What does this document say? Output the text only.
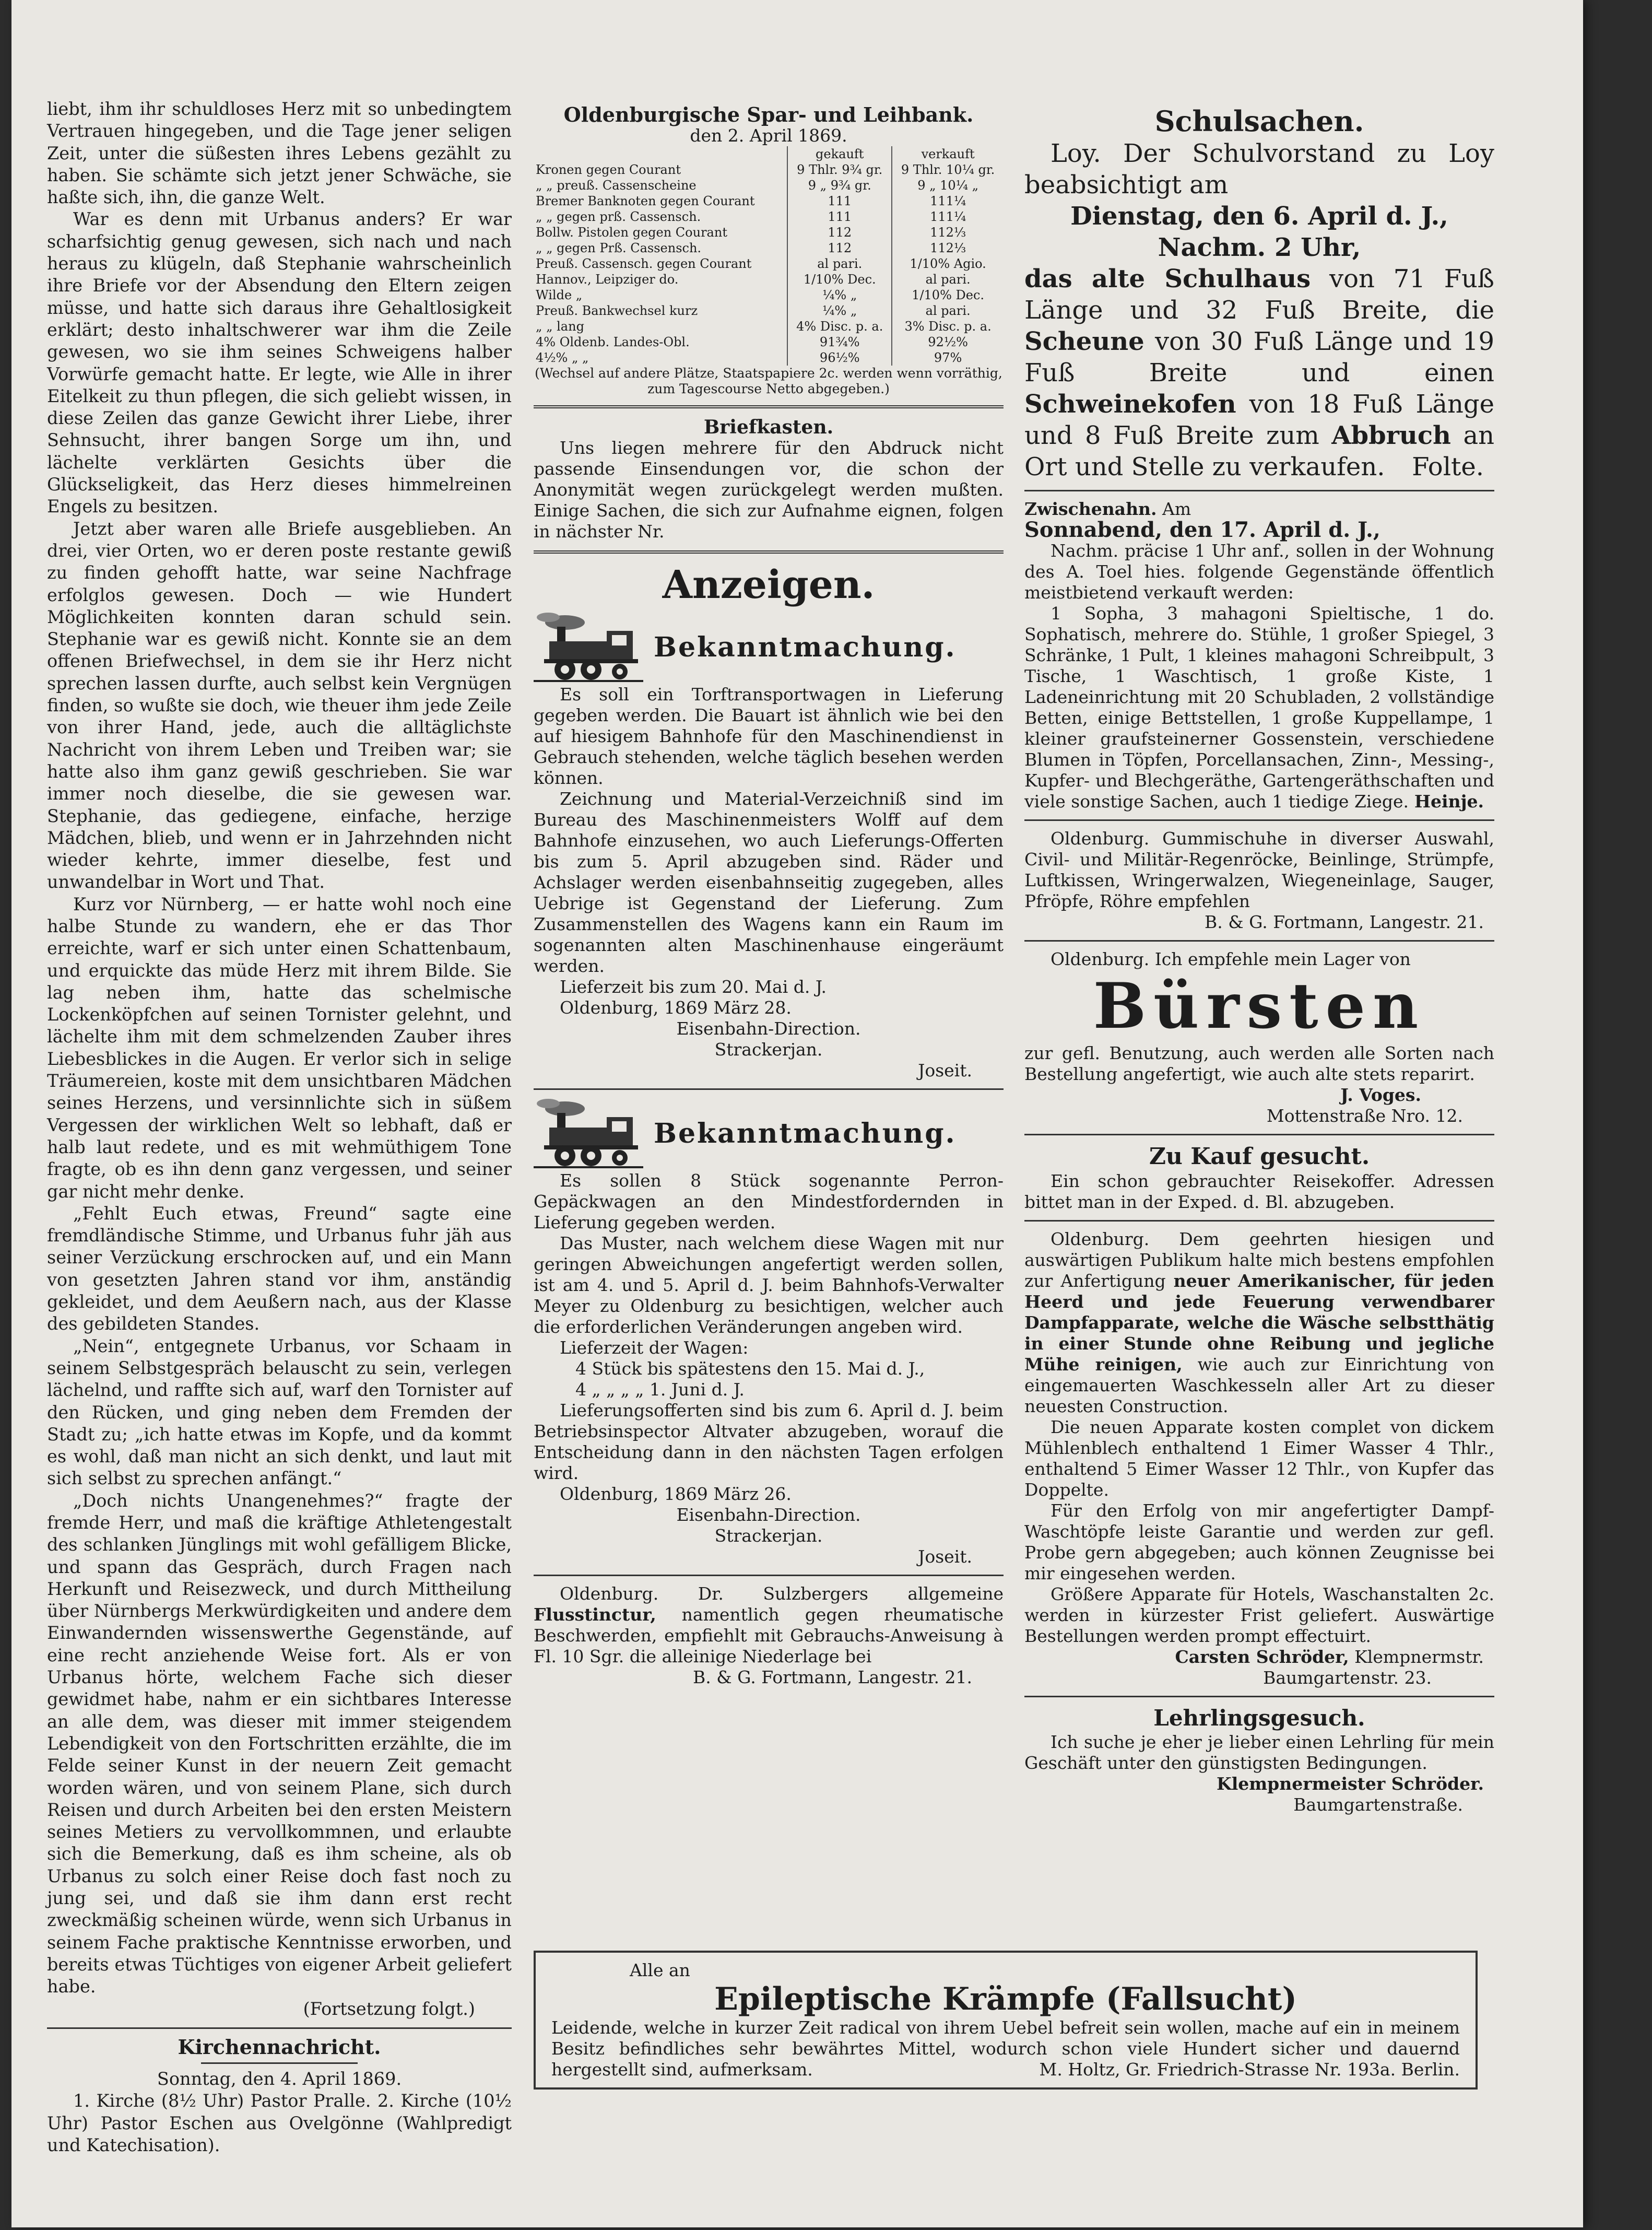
liebt, ihm ihr schuldloses Herz mit so unbedingtem Vertrauen hingegeben, und die Tage jener seligen Zeit, unter die süßesten ihres Lebens gezählt zu haben. Sie schämte sich jetzt jener Schwäche, sie haßte sich, ihn, die ganze Welt.
War es denn mit Urbanus anders? Er war scharfsichtig genug gewesen, sich nach und nach heraus zu klügeln, daß Stephanie wahrscheinlich ihre Briefe vor der Absendung den Eltern zeigen müsse, und hatte sich daraus ihre Gehaltlosigkeit erklärt; desto inhaltschwerer war ihm die Zeile gewesen, wo sie ihm seines Schweigens halber Vorwürfe gemacht hatte. Er legte, wie Alle in ihrer Eitelkeit zu thun pflegen, die sich geliebt wissen, in diese Zeilen das ganze Gewicht ihrer Liebe, ihrer Sehnsucht, ihrer bangen Sorge um ihn, und lächelte verklärten Gesichts über die Glückseligkeit, das Herz dieses himmelreinen Engels zu besitzen.
Jetzt aber waren alle Briefe ausgeblieben. An drei, vier Orten, wo er deren poste restante gewiß zu finden gehofft hatte, war seine Nachfrage erfolglos gewesen. Doch — wie Hundert Möglichkeiten konnten daran schuld sein. Stephanie war es gewiß nicht. Konnte sie an dem offenen Briefwechsel, in dem sie ihr Herz nicht sprechen lassen durfte, auch selbst kein Vergnügen finden, so wußte sie doch, wie theuer ihm jede Zeile von ihrer Hand, jede, auch die alltäglichste Nachricht von ihrem Leben und Treiben war; sie hatte also ihm ganz gewiß geschrieben. Sie war immer noch dieselbe, die sie gewesen war. Stephanie, das gediegene, einfache, herzige Mädchen, blieb, und wenn er in Jahrzehnden nicht wieder kehrte, immer dieselbe, fest und unwandelbar in Wort und That.
Kurz vor Nürnberg, — er hatte wohl noch eine halbe Stunde zu wandern, ehe er das Thor erreichte, warf er sich unter einen Schattenbaum, und erquickte das müde Herz mit ihrem Bilde. Sie lag neben ihm, hatte das schelmische Lockenköpfchen auf seinen Tornister gelehnt, und lächelte ihm mit dem schmelzenden Zauber ihres Liebesblickes in die Augen. Er verlor sich in selige Träumereien, koste mit dem unsichtbaren Mädchen seines Herzens, und versinnlichte sich in süßem Vergessen der wirklichen Welt so lebhaft, daß er halb laut redete, und es mit wehmüthigem Tone fragte, ob es ihn denn ganz vergessen, und seiner gar nicht mehr denke.
„Fehlt Euch etwas, Freund“ sagte eine fremdländische Stimme, und Urbanus fuhr jäh aus seiner Verzückung erschrocken auf, und ein Mann von gesetzten Jahren stand vor ihm, anständig gekleidet, und dem Aeußern nach, aus der Klasse des gebildeten Standes.
„Nein“, entgegnete Urbanus, vor Schaam in seinem Selbstgespräch belauscht zu sein, verlegen lächelnd, und raffte sich auf, warf den Tornister auf den Rücken, und ging neben dem Fremden der Stadt zu; „ich hatte etwas im Kopfe, und da kommt es wohl, daß man nicht an sich denkt, und laut mit sich selbst zu sprechen anfängt.“
„Doch nichts Unangenehmes?“ fragte der fremde Herr, und maß die kräftige Athletengestalt des schlanken Jünglings mit wohl gefälligem Blicke, und spann das Gespräch, durch Fragen nach Herkunft und Reisezweck, und durch Mittheilung über Nürnbergs Merkwürdigkeiten und andere dem Einwandernden wissenswerthe Gegenstände, auf eine recht anziehende Weise fort. Als er von Urbanus hörte, welchem Fache sich dieser gewidmet habe, nahm er ein sichtbares Interesse an alle dem, was dieser mit immer steigendem Lebendigkeit von den Fortschritten erzählte, die im Felde seiner Kunst in der neuern Zeit gemacht worden wären, und von seinem Plane, sich durch Reisen und durch Arbeiten bei den ersten Meistern seines Metiers zu vervollkommnen, und erlaubte sich die Bemerkung, daß es ihm scheine, als ob Urbanus zu solch einer Reise doch fast noch zu jung sei, und daß sie ihm dann erst recht zweckmäßig scheinen würde, wenn sich Urbanus in seinem Fache praktische Kenntnisse erworben, und bereits etwas Tüchtiges von eigener Arbeit geliefert habe.
(Fortsetzung folgt.)
Kirchennachricht.
Sonntag, den 4. April 1869.
1. Kirche (8½ Uhr) Pastor Pralle. 2. Kirche (10½ Uhr) Pastor Eschen aus Ovelgönne (Wahlpredigt und Katechisation).
Oldenburgische Spar- und Leihbank.
den 2. April 1869.
	gekauft	verkauft
Kronen gegen Courant	9 Thlr. 9¾ gr.	9 Thlr. 10¼ gr.
„ „ preuß. Cassenscheine	9 „ 9¾ gr.	9 „ 10¼ „
Bremer Banknoten gegen Courant	111	111¼
„ „ gegen prß. Cassensch.	111	111¼
Bollw. Pistolen gegen Courant	112	112⅓
„ „ gegen Prß. Cassensch.	112	112⅓
Preuß. Cassensch. gegen Courant	al pari.	1/10% Agio.
Hannov., Leipziger do.	1/10% Dec.	al pari.
Wilde „	¼% „	1/10% Dec.
Preuß. Bankwechsel kurz	¼% „	al pari.
„ „ lang	4% Disc. p. a.	3% Disc. p. a.
4% Oldenb. Landes-Obl.	91¾%	92½%
4½% „ „	96½%	97%
(Wechsel auf andere Plätze, Staatspapiere 2c. werden wenn vorräthig, zum Tagescourse Netto abgegeben.)
Briefkasten.
Uns liegen mehrere für den Abdruck nicht passende Einsendungen vor, die schon der Anonymität wegen zurückgelegt werden mußten. Einige Sachen, die sich zur Aufnahme eignen, folgen in nächster Nr.
Anzeigen.
Bekanntmachung.
Es soll ein Torftransportwagen in Lieferung gegeben werden. Die Bauart ist ähnlich wie bei den auf hiesigem Bahnhofe für den Maschinendienst in Gebrauch stehenden, welche täglich besehen werden können.
Zeichnung und Material-Verzeichniß sind im Bureau des Maschinenmeisters Wolff auf dem Bahnhofe einzusehen, wo auch Lieferungs-Offerten bis zum 5. April abzugeben sind. Räder und Achslager werden eisenbahnseitig zugegeben, alles Uebrige ist Gegenstand der Lieferung. Zum Zusammenstellen des Wagens kann ein Raum im sogenannten alten Maschinenhause eingeräumt werden.
Lieferzeit bis zum 20. Mai d. J.
Oldenburg, 1869 März 28.
Eisenbahn-Direction.
Strackerjan.
Joseit.
Bekanntmachung.
Es sollen 8 Stück sogenannte Perron-Gepäckwagen an den Mindestfordernden in Lieferung gegeben werden.
Das Muster, nach welchem diese Wagen mit nur geringen Abweichungen angefertigt werden sollen, ist am 4. und 5. April d. J. beim Bahnhofs-Verwalter Meyer zu Oldenburg zu besichtigen, welcher auch die erforderlichen Veränderungen angeben wird.
Lieferzeit der Wagen:
4 Stück bis spätestens den 15. Mai d. J.,
4 „ „ „ „ 1. Juni d. J.
Lieferungsofferten sind bis zum 6. April d. J. beim Betriebsinspector Altvater abzugeben, worauf die Entscheidung dann in den nächsten Tagen erfolgen wird.
Oldenburg, 1869 März 26.
Eisenbahn-Direction.
Strackerjan.
Joseit.
Oldenburg. Dr. Sulzbergers allgemeine Flusstinctur, namentlich gegen rheumatische Beschwerden, empfiehlt mit Gebrauchs-Anweisung à Fl. 10 Sgr. die alleinige Niederlage bei
B. & G. Fortmann, Langestr. 21.
Schulsachen.
Loy. Der Schulvorstand zu Loy beabsichtigt am
Dienstag, den 6. April d. J.,
Nachm. 2 Uhr,
das alte Schulhaus von 71 Fuß Länge und 32 Fuß Breite, die Scheune von 30 Fuß Länge und 19 Fuß Breite und einen Schweinekofen von 18 Fuß Länge und 8 Fuß Breite zum Abbruch an Ort und Stelle zu verkaufen.	Folte.
Zwischenahn. Am
Sonnabend, den 17. April d. J.,
Nachm. präcise 1 Uhr anf., sollen in der Wohnung des A. Toel hies. folgende Gegenstände öffentlich meistbietend verkauft werden:
1 Sopha, 3 mahagoni Spieltische, 1 do. Sophatisch, mehrere do. Stühle, 1 großer Spiegel, 3 Schränke, 1 Pult, 1 kleines mahagoni Schreibpult, 3 Tische, 1 Waschtisch, 1 große Kiste, 1 Ladeneinrichtung mit 20 Schubladen, 2 vollständige Betten, einige Bettstellen, 1 große Kuppellampe, 1 kleiner graufsteinerner Gossenstein, verschiedene Blumen in Töpfen, Porcellansachen, Zinn-, Messing-, Kupfer- und Blechgeräthe, Gartengeräthschaften und viele sonstige Sachen, auch 1 tiedige Ziege. Heinje.
Oldenburg. Gummischuhe in diverser Auswahl, Civil- und Militär-Regenröcke, Beinlinge, Strümpfe, Luftkissen, Wringerwalzen, Wiegeneinlage, Sauger, Pfröpfe, Röhre empfehlen
B. & G. Fortmann, Langestr. 21.
Oldenburg. Ich empfehle mein Lager von
Bürsten
zur gefl. Benutzung, auch werden alle Sorten nach Bestellung angefertigt, wie auch alte stets reparirt.
J. Voges.
Mottenstraße Nro. 12.
Zu Kauf gesucht.
Ein schon gebrauchter Reisekoffer. Adressen bittet man in der Exped. d. Bl. abzugeben.
Oldenburg. Dem geehrten hiesigen und auswärtigen Publikum halte mich bestens empfohlen zur Anfertigung neuer Amerikanischer, für jeden Heerd und jede Feuerung verwendbarer Dampfapparate, welche die Wäsche selbstthätig in einer Stunde ohne Reibung und jegliche Mühe reinigen, wie auch zur Einrichtung von eingemauerten Waschkesseln aller Art zu dieser neuesten Construction.
Die neuen Apparate kosten complet von dickem Mühlenblech enthaltend 1 Eimer Wasser 4 Thlr., enthaltend 5 Eimer Wasser 12 Thlr., von Kupfer das Doppelte.
Für den Erfolg von mir angefertigter Dampf-Waschtöpfe leiste Garantie und werden zur gefl. Probe gern abgegeben; auch können Zeugnisse bei mir eingesehen werden.
Größere Apparate für Hotels, Waschanstalten 2c. werden in kürzester Frist geliefert. Auswärtige Bestellungen werden prompt effectuirt.
Carsten Schröder, Klempnermstr.
Baumgartenstr. 23.
Lehrlingsgesuch.
Ich suche je eher je lieber einen Lehrling für mein Geschäft unter den günstigsten Bedingungen.
Klempnermeister Schröder.
Baumgartenstraße.
Alle an
Epileptische Krämpfe (Fallsucht)
Leidende, welche in kurzer Zeit radical von ihrem Uebel befreit sein wollen, mache auf ein in meinem Besitz befindliches sehr bewährtes Mittel, wodurch schon viele Hundert sicher und dauernd hergestellt sind, aufmerksam.	M. Holtz, Gr. Friedrich-Strasse Nr. 193a. Berlin.
